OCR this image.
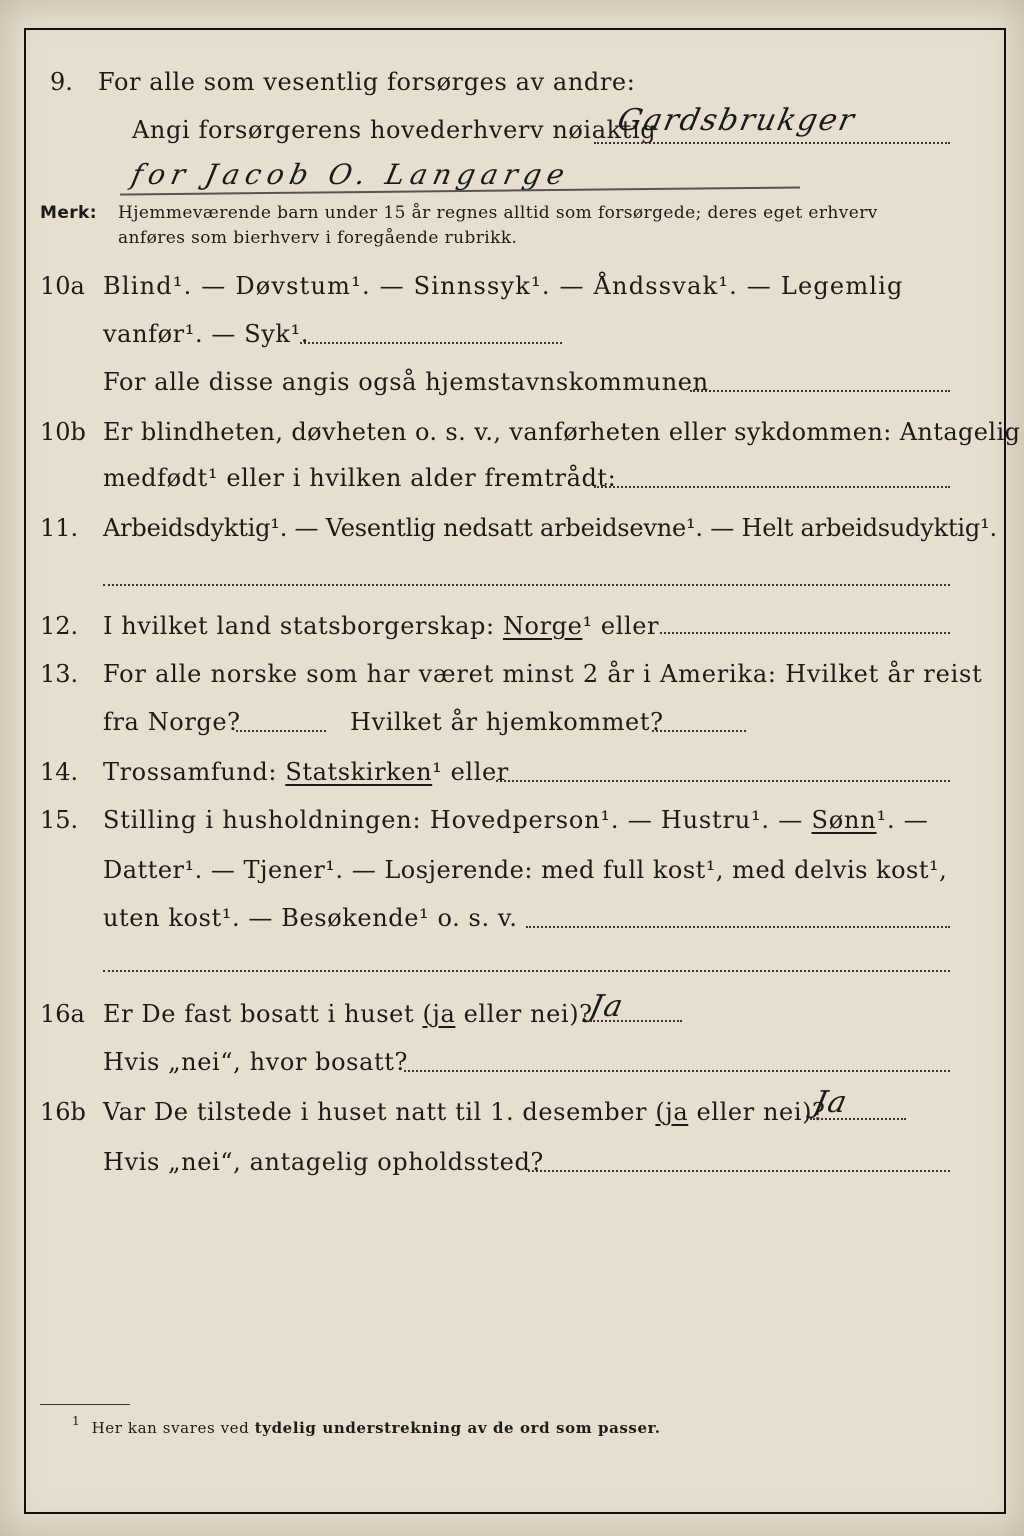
9. For alle som vesentlig forsørges av andre:
Angi forsørgerens hovederhverv nøiaktig
Gardsbrukger
for Jacob O. Langarge
Merk: Hjemmeværende barn under 15 år regnes alltid som forsørgede; deres eget erhverv
anføres som bierhverv i foregående rubrikk.
10a Blind¹. — Døvstum¹. — Sinnssyk¹. — Åndssvak¹. — Legemlig
vanfør¹. — Syk¹.
For alle disse angis også hjemstavnskommunen
10b Er blindheten, døvheten o. s. v., vanførheten eller sykdommen: Antagelig
medfødt¹ eller i hvilken alder fremtrådt:
11. Arbeidsdyktig¹. — Vesentlig nedsatt arbeidsevne¹. — Helt arbeidsudyktig¹.
12. I hvilket land statsborgerskap: Norge¹ eller
13. For alle norske som har været minst 2 år i Amerika: Hvilket år reist
fra Norge?	Hvilket år hjemkommet?
14. Trossamfund: Statskirken¹ eller
15. Stilling i husholdningen: Hovedperson¹. — Hustru¹. — Sønn¹. —
Datter¹. — Tjener¹. — Losjerende: med full kost¹, med delvis kost¹,
uten kost¹. — Besøkende¹ o. s. v.
16a Er De fast bosatt i huset (ja eller nei)?
Ja
Hvis „nei“, hvor bosatt?
16b Var De tilstede i huset natt til 1. desember (ja eller nei)?
Ja
Hvis „nei“, antagelig opholdssted?
$^1$ Her kan svares ved tydelig understrekning av de ord som passer.
